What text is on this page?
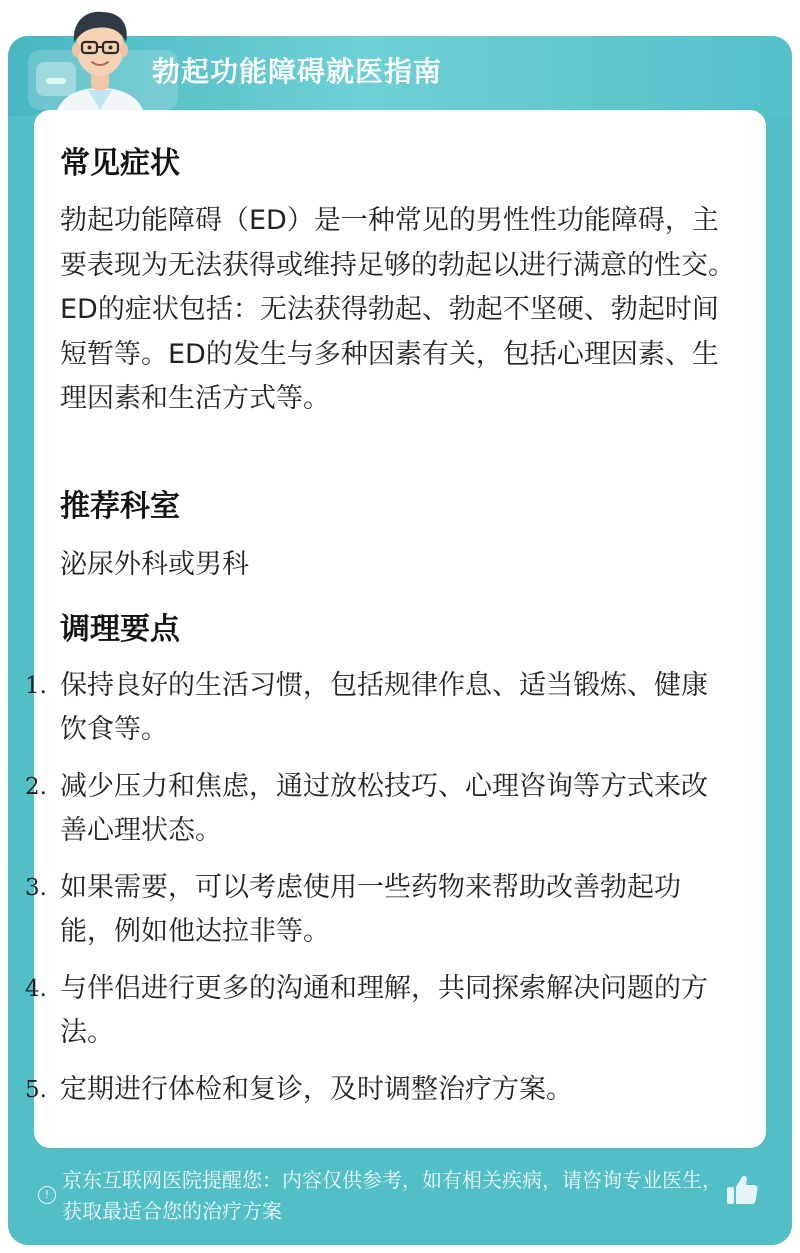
勃起功能障碍就医指南
常见症状

勃起功能障碍（ED）是一种常见的男性性功能障碍，主要表现为无法获得或维持足够的勃起以进行满意的性交。ED的症状包括：无法获得勃起、勃起不坚硬、勃起时间短暂等。ED的发生与多种因素有关，包括心理因素、生理因素和生活方式等。

推荐科室
泌尿外科或男科
调理要点
1. 保持良好的生活习惯，包括规律作息、适当锻炼、健康饮食等。
2. 减少压力和焦虑，通过放松技巧、心理咨询等方式来改善心理状态。
3. 如果需要，可以考虑使用一些药物来帮助改善勃起功能，例如他达拉非等。
4. 与伴侣进行更多的沟通和理解，共同探索解决问题的方法。
5. 定期进行体检和复诊，及时调整治疗方案。
!

京东互联网医院提醒您：内容仅供参考，如有相关疾病，请咨询专业医生，获取最适合您的治疗方案
